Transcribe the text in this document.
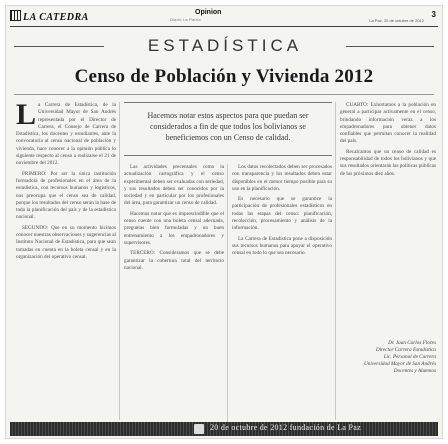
LA CATEDRA	Opinion
Diario La Patria	La Paz, 20 de octubre de 2012
3
ESTADÍSTICA
Censo de Población y Vivienda 2012
L a Carrera de Estadística, de la Universidad Mayor de San Andrés representada por el Director de Carrera, el Consejo de Carrera de Estadística, los docentes y estudiantes, ante la convocatoria al censo nacional de población y vivienda, hace conocer a la opinión pública lo siguiente respecto al censo a realizarse el 21 de noviembre del 2012.

PRIMERO: Por ser la única institución formadora de profesionales en el área de la estadística, con recursos humanos y logísticos, nos preocupa que el censo sea de calidad, porque los resultados del censo serán la base de toda la planificación del país y de la estadística nacional.

SEGUNDO: Que en su momento hicimos conocer nuestras observaciones y sugerencias al Instituto Nacional de Estadística, para que sean tomadas en cuenta en la boleta censal y en la organización del operativo censal.

Hacemos notar estos aspectos para que puedan ser considerados a fin de que todos los bolivianos se beneficiemos con un Censo de calidad.

Las actividades precensales como la actualización cartográfica y el censo experimental deben ser evaluadas con seriedad, y sus resultados deben ser conocidos por la sociedad y en particular por los profesionales del área, para garantizar un censo de calidad.

Hacemos notar que es imprescindible que el censo cuente con una boleta censal adecuada, preguntas bien formuladas y un buen entrenamiento a los empadronadores y supervisores.

TERCERO: Consideramos que se debe garantizar la cobertura total del territorio nacional.

Los datos recolectados deben ser procesados con transparencia y los resultados deben estar disponibles en el menor tiempo posible para su uso en la planificación.

Es necesario que se garantice la participación de profesionales estadísticos en todas las etapas del censo: planificación, recolección, procesamiento y análisis de la información.

La Carrera de Estadística pone a disposición sus recursos humanos para apoyar el operativo censal en todo lo que sea necesario.

CUARTO: Exhortamos a la población en general a participar activamente en el censo, brindando información veraz a los empadronadores para obtener datos confiables que permitan conocer la realidad del país.

Recalcamos que un censo de calidad es responsabilidad de todos los bolivianos y que sus resultados orientarán las políticas públicas de los próximos diez años.

Dr. Juan Carlos Flores
Director Carrera Estadística
Lic. Personal de Carrera
Universidad Mayor de San Andrés
Docentes y Alumnos
20 de octubre de 2012 fundación de La Paz
